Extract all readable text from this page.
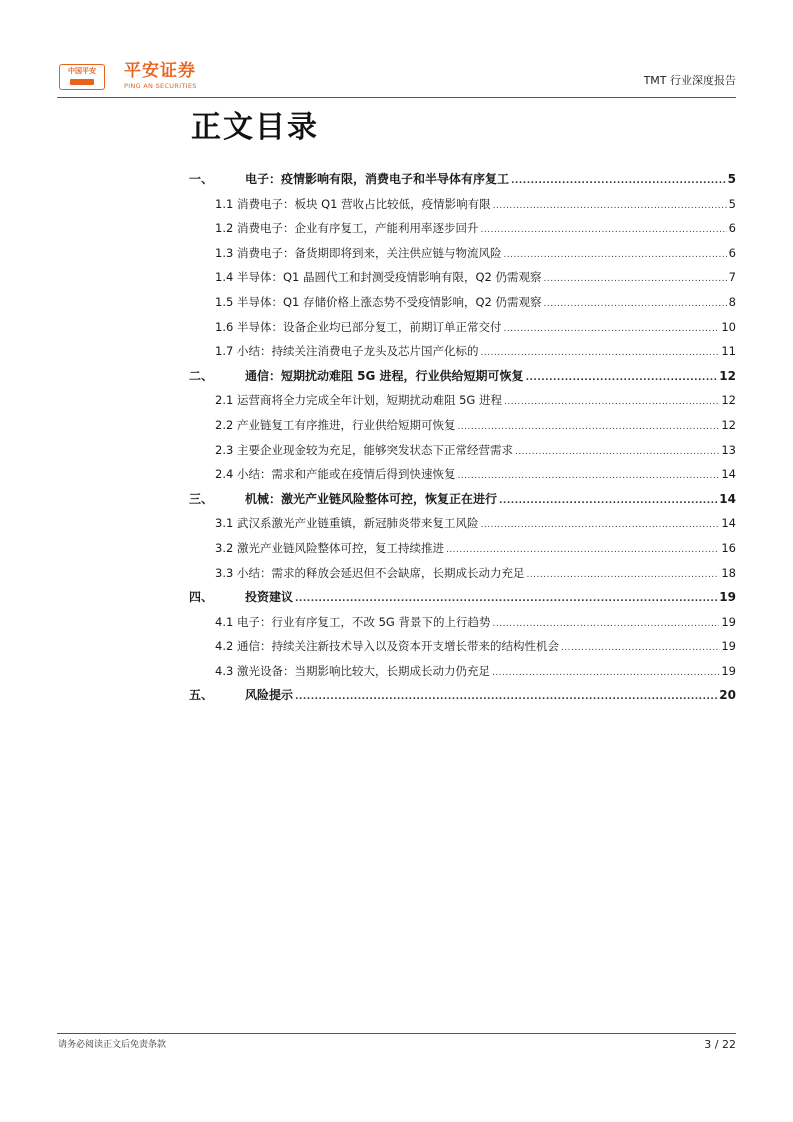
中国平安	平安证券
PING AN SECURITIES	TMT 行业深度报告
正文目录
一、	电子：疫情影响有限，消费电子和半导体有序复工 .....	5
1.1 消费电子：板块 Q1 营收占比较低，疫情影响有限 .....	5
1.2 消费电子：企业有序复工，产能利用率逐步回升 .....	6
1.3 消费电子：备货期即将到来，关注供应链与物流风险 .....	6
1.4 半导体：Q1 晶圆代工和封测受疫情影响有限，Q2 仍需观察 .....	7
1.5 半导体：Q1 存储价格上涨态势不受疫情影响，Q2 仍需观察 .....	8
1.6 半导体：设备企业均已部分复工，前期订单正常交付 .....	10
1.7 小结：持续关注消费电子龙头及芯片国产化标的 .....	11
二、	通信：短期扰动难阻 5G 进程，行业供给短期可恢复 .....	12
2.1 运营商将全力完成全年计划，短期扰动难阻 5G 进程 .....	12
2.2 产业链复工有序推进，行业供给短期可恢复 .....	12
2.3 主要企业现金较为充足，能够突发状态下正常经营需求 .....	13
2.4 小结：需求和产能或在疫情后得到快速恢复 .....	14
三、	机械：激光产业链风险整体可控，恢复正在进行 .....	14
3.1 武汉系激光产业链重镇，新冠肺炎带来复工风险 .....	14
3.2 激光产业链风险整体可控，复工持续推进 .....	16
3.3 小结：需求的释放会延迟但不会缺席，长期成长动力充足 .....	18
四、	投资建议 .....	19
4.1 电子：行业有序复工，不改 5G 背景下的上行趋势 .....	19
4.2 通信：持续关注新技术导入以及资本开支增长带来的结构性机会 .....	19
4.3 激光设备：当期影响比较大，长期成长动力仍充足 .....	19
五、	风险提示 .....	20
请务必阅读正文后免责条款	3 / 22
